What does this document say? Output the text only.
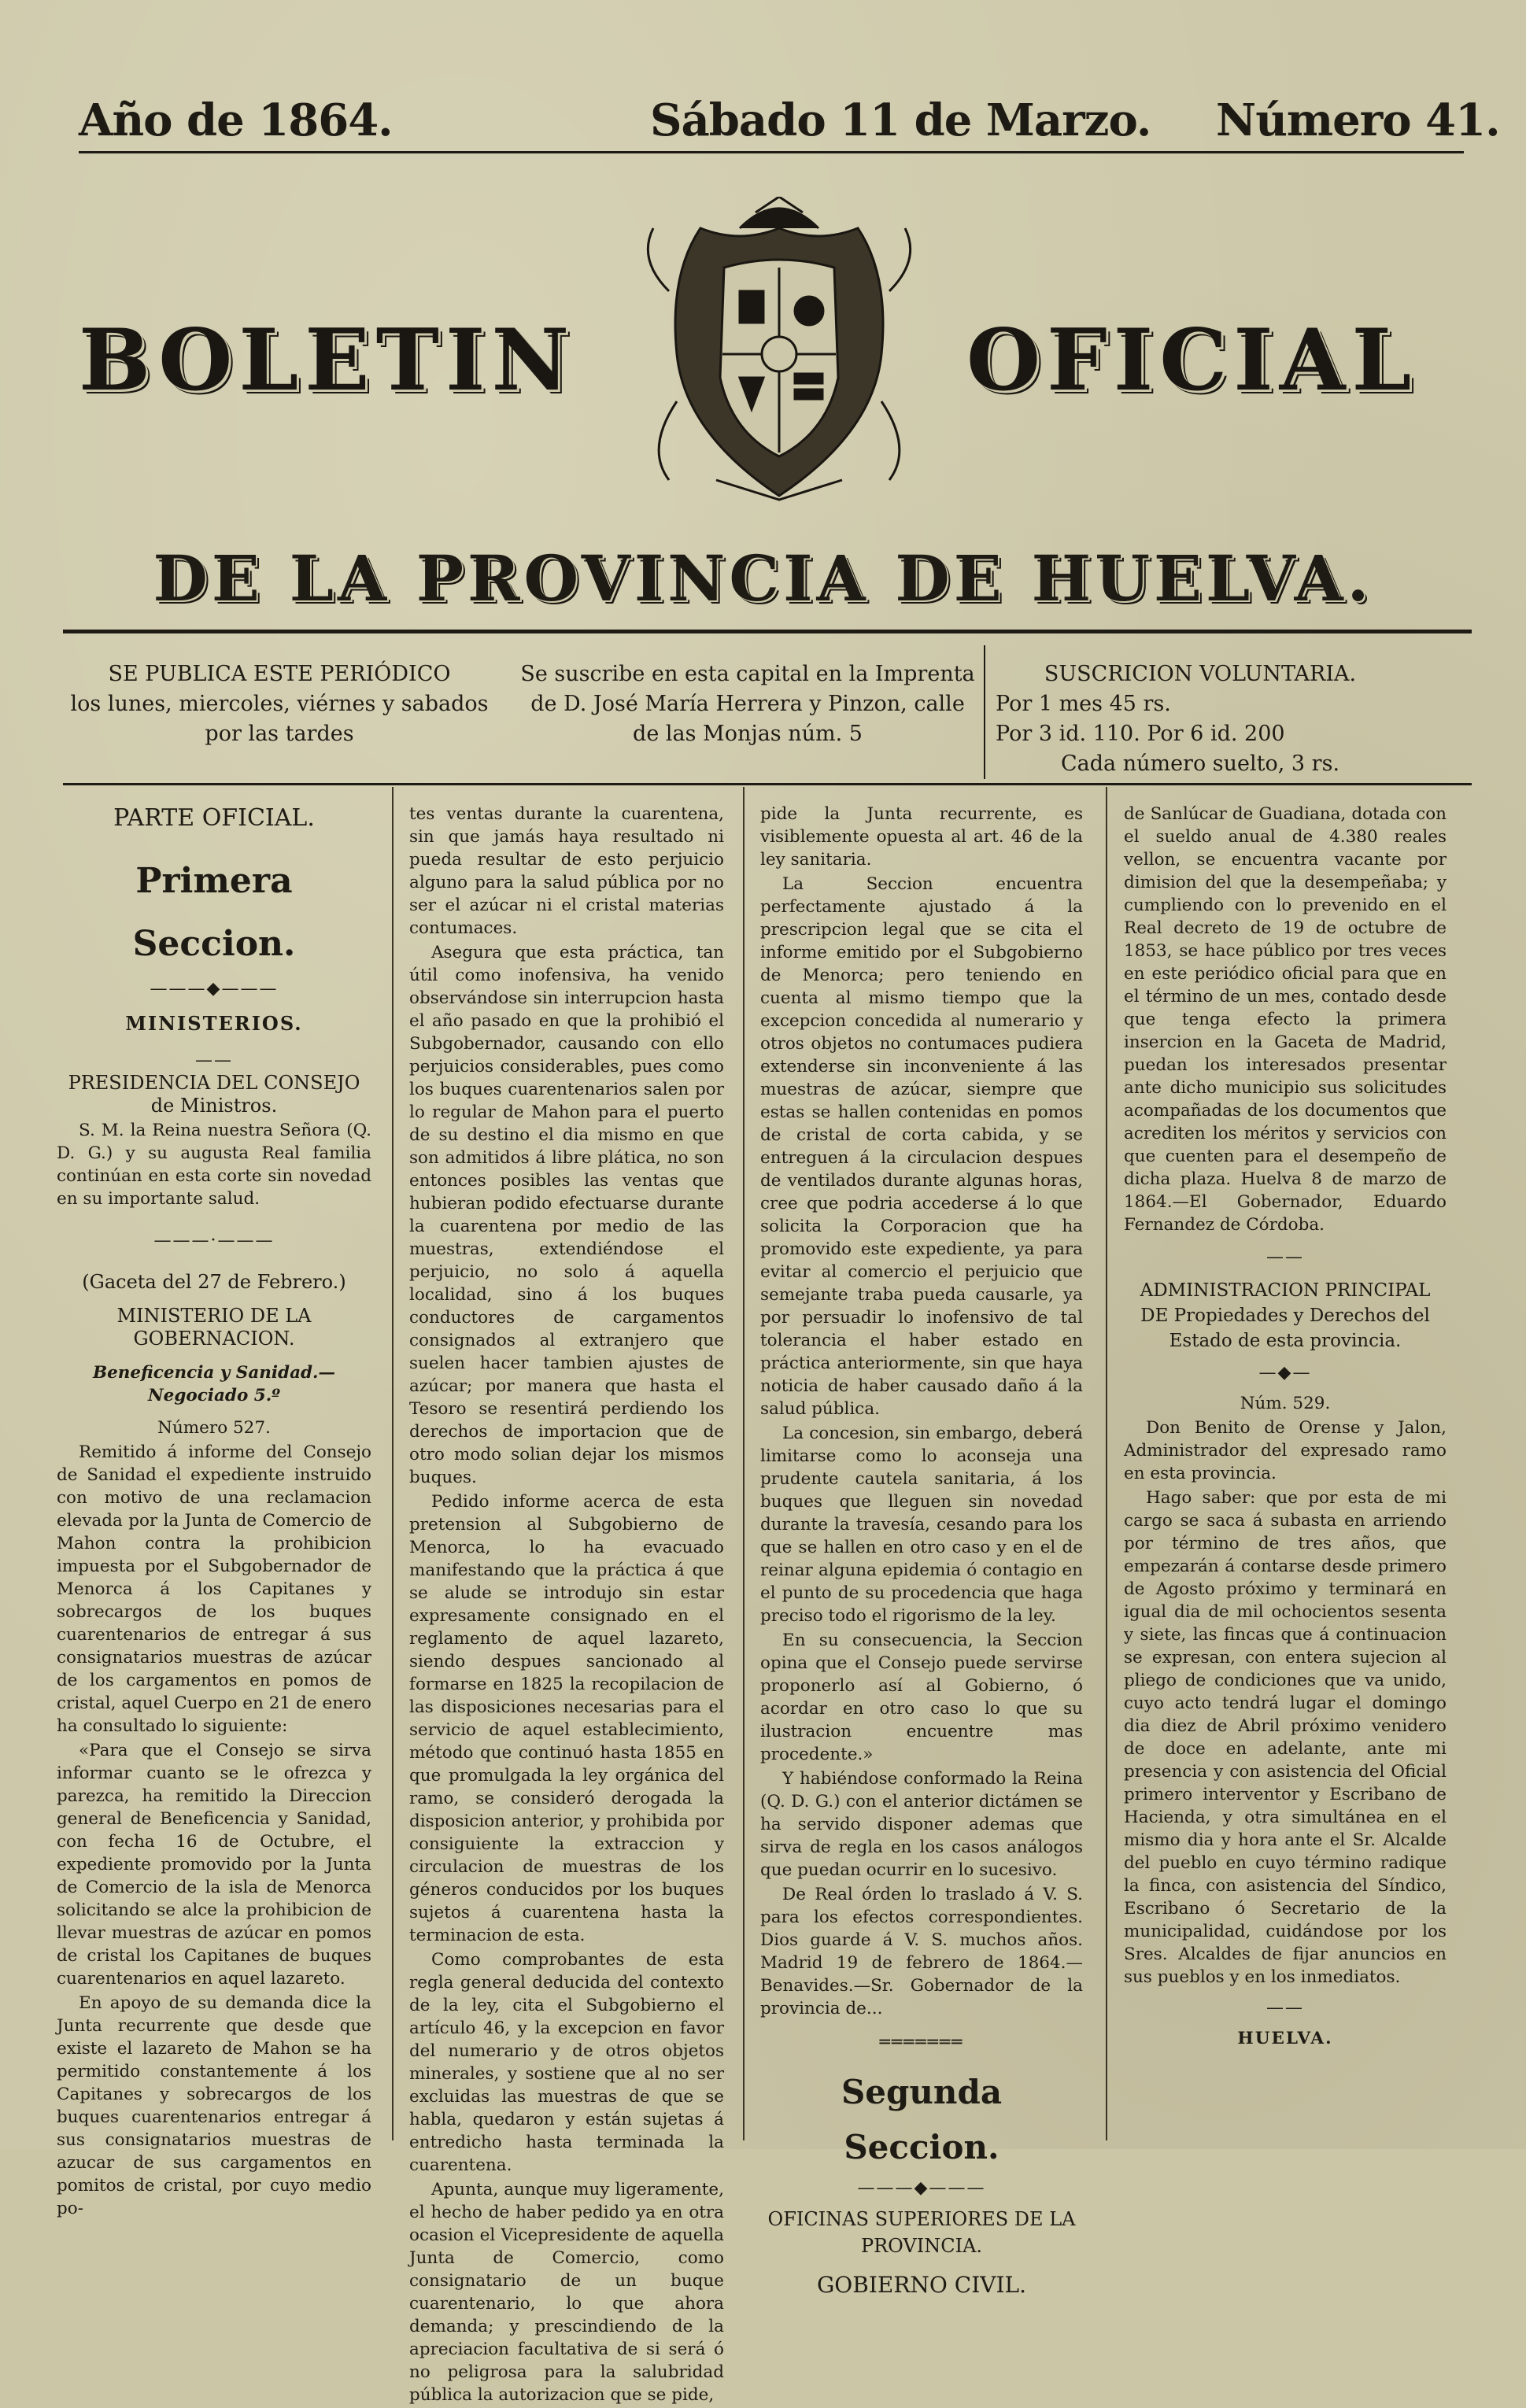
Año de 1864.	Sábado 11 de Marzo. Número 41.
BOLETIN	OFICIAL
DE LA PROVINCIA DE HUELVA.
SE PUBLICA ESTE PERIÓDICO
los lunes, miercoles, viérnes y sabados
por las tardes
Se suscribe en esta capital en la Imprenta
de D. José María Herrera y Pinzon, calle
de las Monjas núm. 5
SUSCRICION VOLUNTARIA.
Por 1 mes 45 rs.
Por 3 id. 110. Por 6 id. 200
Cada número suelto, 3 rs.

PARTE OFICIAL.

Primera Seccion.

———◆———

MINISTERIOS.

——

PRESIDENCIA DEL CONSEJO de Ministros.

S. M. la Reina nuestra Señora (Q. D. G.) y su augusta Real familia continúan en esta corte sin novedad en su importante salud.

———·———

(Gaceta del 27 de Febrero.)

MINISTERIO DE LA GOBERNACION.

Beneficencia y Sanidad.—Negociado 5.º

Número 527.

Remitido á informe del Consejo de Sanidad el expediente instruido con motivo de una reclamacion elevada por la Junta de Comercio de Mahon contra la prohibicion impuesta por el Subgobernador de Menorca á los Capitanes y sobrecargos de los buques cuarentenarios de entregar á sus consignatarios muestras de azúcar de los cargamentos en pomos de cristal, aquel Cuerpo en 21 de enero ha consultado lo siguiente:

«Para que el Consejo se sirva informar cuanto se le ofrezca y parezca, ha remitido la Direccion general de Beneficencia y Sanidad, con fecha 16 de Octubre, el expediente promovido por la Junta de Comercio de la isla de Menorca solicitando se alce la prohibicion de llevar muestras de azúcar en pomos de cristal los Capitanes de buques cuarentenarios en aquel lazareto.

En apoyo de su demanda dice la Junta recurrente que desde que existe el lazareto de Mahon se ha permitido constantemente á los Capitanes y sobrecargos de los buques cuarentenarios entregar á sus consignatarios muestras de azucar de sus cargamentos en pomitos de cristal, por cuyo medio po-

tes ventas durante la cuarentena, sin que jamás haya resultado ni pueda resultar de esto perjuicio alguno para la salud pública por no ser el azúcar ni el cristal materias contumaces.

Asegura que esta práctica, tan útil como inofensiva, ha venido observándose sin interrupcion hasta el año pasado en que la prohibió el Subgobernador, causando con ello perjuicios considerables, pues como los buques cuarentenarios salen por lo regular de Mahon para el puerto de su destino el dia mismo en que son admitidos á libre plática, no son entonces posibles las ventas que hubieran podido efectuarse durante la cuarentena por medio de las muestras, extendiéndose el perjuicio, no solo á aquella localidad, sino á los buques conductores de cargamentos consignados al extranjero que suelen hacer tambien ajustes de azúcar; por manera que hasta el Tesoro se resentirá perdiendo los derechos de importacion que de otro modo solian dejar los mismos buques.

Pedido informe acerca de esta pretension al Subgobierno de Menorca, lo ha evacuado manifestando que la práctica á que se alude se introdujo sin estar expresamente consignado en el reglamento de aquel lazareto, siendo despues sancionado al formarse en 1825 la recopilacion de las disposiciones necesarias para el servicio de aquel establecimiento, método que continuó hasta 1855 en que promulgada la ley orgánica del ramo, se consideró derogada la disposicion anterior, y prohibida por consiguiente la extraccion y circulacion de muestras de los géneros conducidos por los buques sujetos á cuarentena hasta la terminacion de esta.

Como comprobantes de esta regla general deducida del contexto de la ley, cita el Subgobierno el artículo 46, y la excepcion en favor del numerario y de otros objetos minerales, y sostiene que al no ser excluidas las muestras de que se habla, quedaron y están sujetas á entredicho hasta terminada la cuarentena.

Apunta, aunque muy ligeramente, el hecho de haber pedido ya en otra ocasion el Vicepresidente de aquella Junta de Comercio, como consignatario de un buque cuarentenario, lo que ahora demanda; y prescindiendo de la apreciacion facultativa de si será ó no peligrosa para la salubridad pública la autorizacion que se pide,

pide la Junta recurrente, es visiblemente opuesta al art. 46 de la ley sanitaria.

La Seccion encuentra perfectamente ajustado á la prescripcion legal que se cita el informe emitido por el Subgobierno de Menorca; pero teniendo en cuenta al mismo tiempo que la excepcion concedida al numerario y otros objetos no contumaces pudiera extenderse sin inconveniente á las muestras de azúcar, siempre que estas se hallen contenidas en pomos de cristal de corta cabida, y se entreguen á la circulacion despues de ventilados durante algunas horas, cree que podria accederse á lo que solicita la Corporacion que ha promovido este expediente, ya para evitar al comercio el perjuicio que semejante traba pueda causarle, ya por persuadir lo inofensivo de tal tolerancia el haber estado en práctica anteriormente, sin que haya noticia de haber causado daño á la salud pública.

La concesion, sin embargo, deberá limitarse como lo aconseja una prudente cautela sanitaria, á los buques que lleguen sin novedad durante la travesía, cesando para los que se hallen en otro caso y en el de reinar alguna epidemia ó contagio en el punto de su procedencia que haga preciso todo el rigorismo de la ley.

En su consecuencia, la Seccion opina que el Consejo puede servirse proponerlo así al Gobierno, ó acordar en otro caso lo que su ilustracion encuentre mas procedente.»

Y habiéndose conformado la Reina (Q. D. G.) con el anterior dictámen se ha servido disponer ademas que sirva de regla en los casos análogos que puedan ocurrir en lo sucesivo.

De Real órden lo traslado á V. S. para los efectos correspondientes. Dios guarde á V. S. muchos años. Madrid 19 de febrero de 1864.—Benavides.—Sr. Gobernador de la provincia de...

═══════

Segunda Seccion.

———◆———

OFICINAS SUPERIORES DE LA PROVINCIA.

GOBIERNO CIVIL.

de Sanlúcar de Guadiana, dotada con el sueldo anual de 4.380 reales vellon, se encuentra vacante por dimision del que la desempeñaba; y cumpliendo con lo prevenido en el Real decreto de 19 de octubre de 1853, se hace público por tres veces en este periódico oficial para que en el término de un mes, contado desde que tenga efecto la primera insercion en la Gaceta de Madrid, puedan los interesados presentar ante dicho municipio sus solicitudes acompañadas de los documentos que acrediten los méritos y servicios con que cuenten para el desempeño de dicha plaza. Huelva 8 de marzo de 1864.—El Gobernador, Eduardo Fernandez de Córdoba.

——

ADMINISTRACION PRINCIPAL DE Propiedades y Derechos del Estado de esta provincia.

—◆—

Núm. 529.

Don Benito de Orense y Jalon, Administrador del expresado ramo en esta provincia.

Hago saber: que por esta de mi cargo se saca á subasta en arriendo por término de tres años, que empezarán á contarse desde primero de Agosto próximo y terminará en igual dia de mil ochocientos sesenta y siete, las fincas que á continuacion se expresan, con entera sujecion al pliego de condiciones que va unido, cuyo acto tendrá lugar el domingo dia diez de Abril próximo venidero de doce en adelante, ante mi presencia y con asistencia del Oficial primero interventor y Escribano de Hacienda, y otra simultánea en el mismo dia y hora ante el Sr. Alcalde del pueblo en cuyo término radique la finca, con asistencia del Síndico, Escribano ó Secretario de la municipalidad, cuidándose por los Sres. Alcaldes de fijar anuncios en sus pueblos y en los inmediatos.

——

HUELVA.
